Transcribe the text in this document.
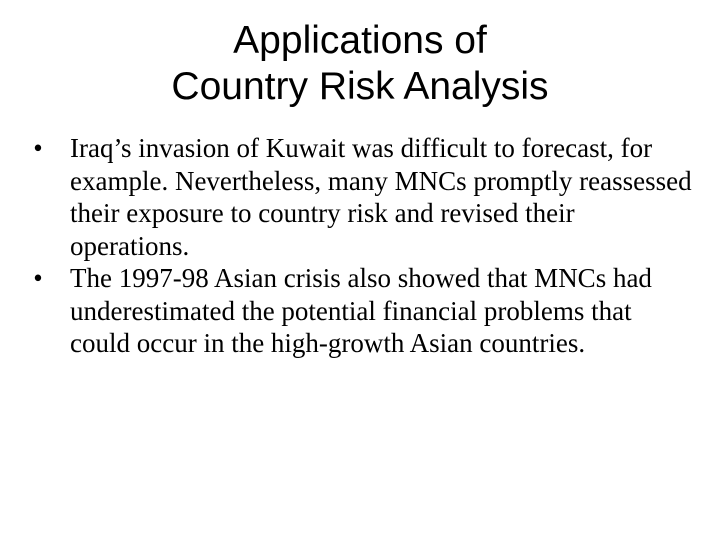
Applications of
Country Risk Analysis
• Iraq’s invasion of Kuwait was difficult to forecast, for example. Nevertheless, many MNCs promptly reassessed their exposure to country risk and revised their operations.
• The 1997-98 Asian crisis also showed that MNCs had underestimated the potential financial problems that could occur in the high-growth Asian countries.
